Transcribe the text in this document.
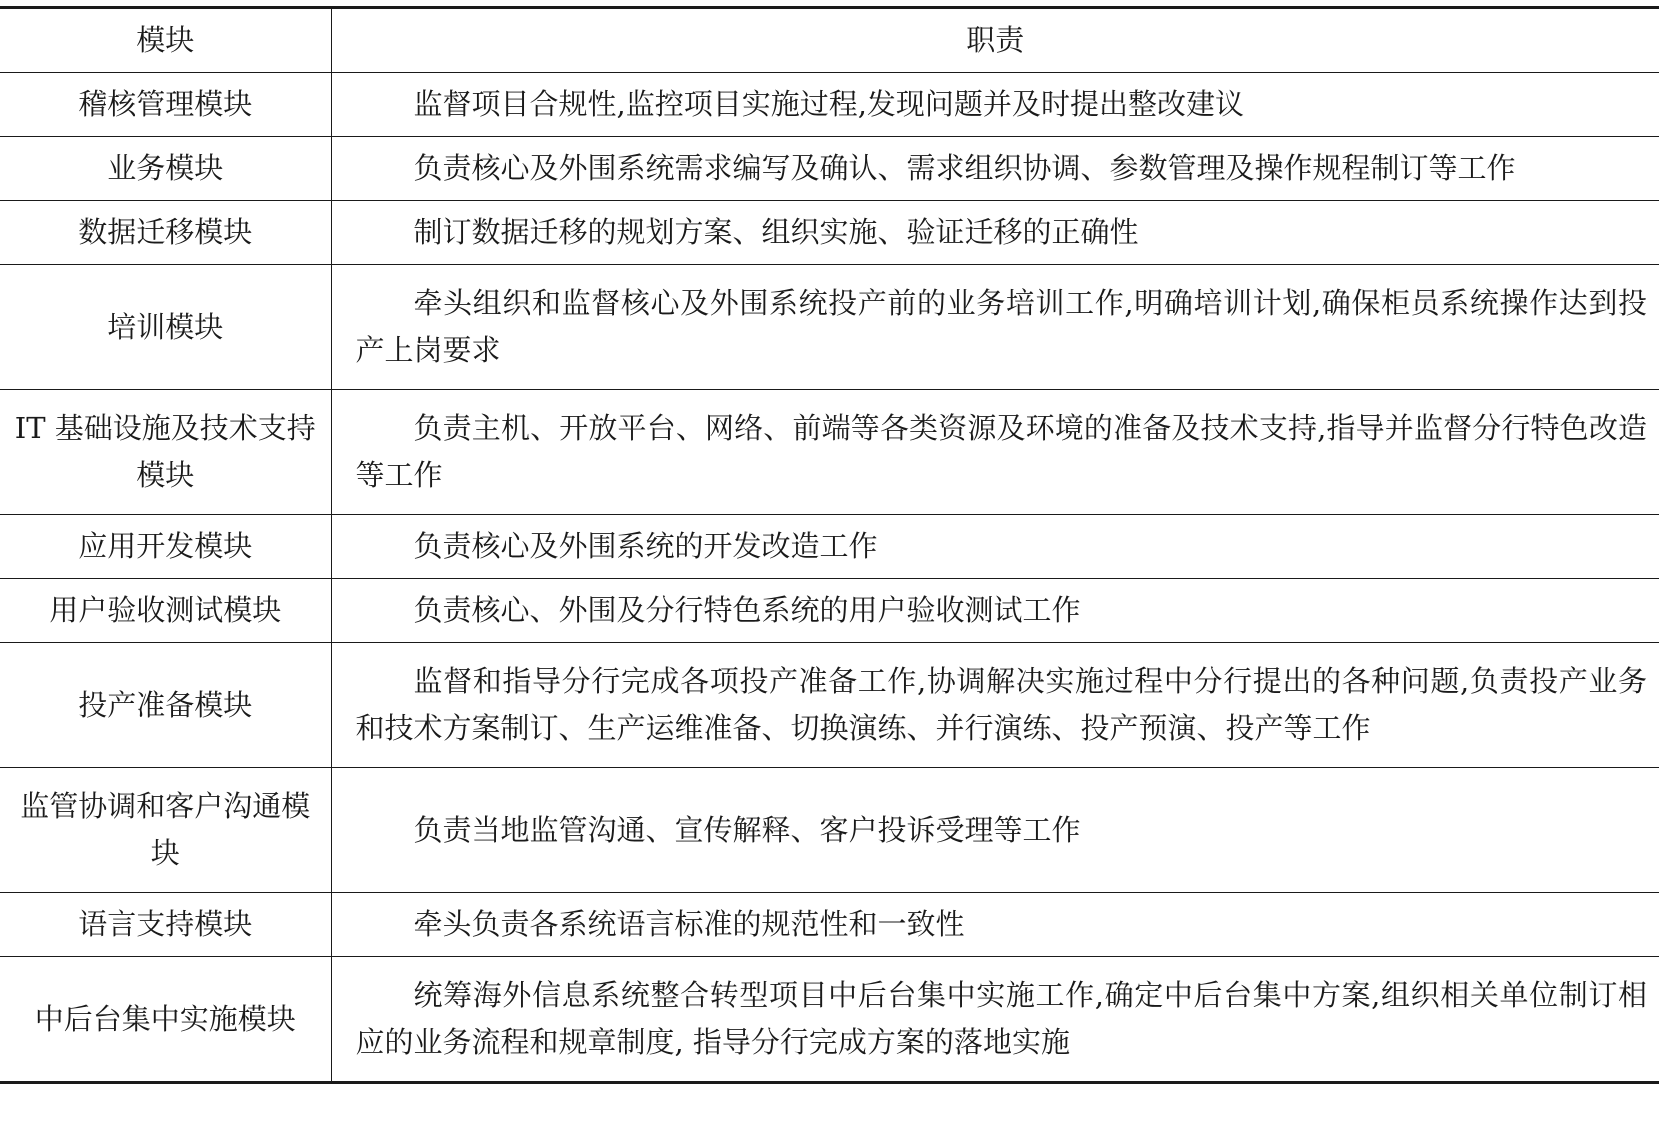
模块	职责
稽核管理模块	监督项目合规性,监控项目实施过程,发现问题并及时提出整改建议

业务模块	负责核心及外围系统需求编写及确认、需求组织协调、参数管理及操作规程制订等工作

数据迁移模块	制订数据迁移的规划方案、组织实施、验证迁移的正确性

培训模块	牵头组织和监督核心及外围系统投产前的业务培训工作,明确培训计划,确保柜员系统操作达到投产上岗要求

IT 基础设施及技术支持模块	负责主机、开放平台、网络、前端等各类资源及环境的准备及技术支持,指导并监督分行特色改造等工作

应用开发模块	负责核心及外围系统的开发改造工作

用户验收测试模块	负责核心、外围及分行特色系统的用户验收测试工作

投产准备模块	监督和指导分行完成各项投产准备工作,协调解决实施过程中分行提出的各种问题,负责投产业务和技术方案制订、生产运维准备、切换演练、并行演练、投产预演、投产等工作

监管协调和客户沟通模块	负责当地监管沟通、宣传解释、客户投诉受理等工作

语言支持模块	牵头负责各系统语言标准的规范性和一致性

中后台集中实施模块	统筹海外信息系统整合转型项目中后台集中实施工作,确定中后台集中方案,组织相关单位制订相应的业务流程和规章制度, 指导分行完成方案的落地实施
